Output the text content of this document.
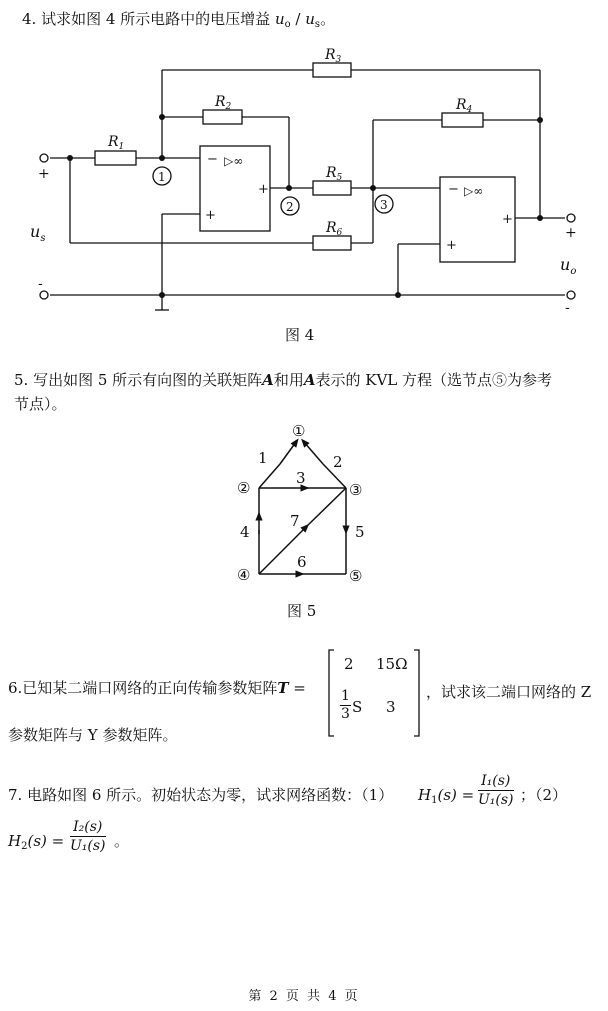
4. 试求如图 4 所示电路中的电压增益 $u_o / u_s$。
$R_1$
$R_2$
$R_3$
$R_4$
$R_5$
$R_6$
1
2	3
+
-
$u_s$	+
-
$u_o$
−
+
+
▷∞
−
+
+
▷∞
图 4
5. 写出如图 5 所示有向图的关联矩阵A和用A表示的 KVL 方程（选节点⑤为参考
节点）。
①
②	③
④	⑤
1	2
3
4	5
6
7
图 5
6.已知某二端口网络的正向传输参数矩阵T =
2 15Ω
$\frac{1}{3}$ S 3
，试求该二端口网络的 Z
参数矩阵与 Y 参数矩阵。
7. 电路如图 6 所示。初始状态为零，试求网络函数：（1） $H_1(s) = \frac{\text{I₁(s)}}{\text{U₁(s)}}$ ；（2）
$H_2(s) = \frac{\text{I₂(s)}}{\text{U₁(s)}}$ 。
第 2 页 共 4 页
